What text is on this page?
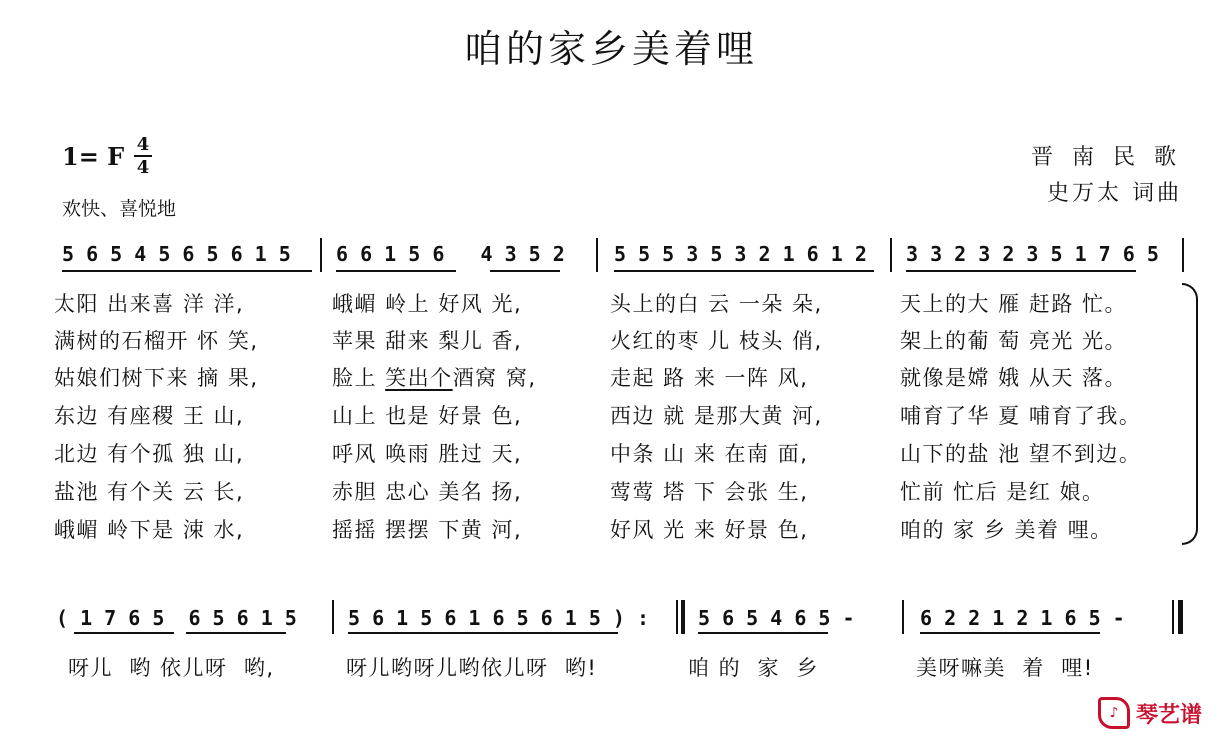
咱的家乡美着哩
1= F 4
4
欢快、喜悦地
晋 南 民 歌
史万太 词曲
5 6 5 4 5 6 5 6 1 5 6 6 1 5 6   4 3 5 2 5 5 5 3 5 3 2 1 6 1 2 3 3 2 3 2 3 5 1 7 6 5
太阳 出来喜 洋 洋,	峨嵋 岭上 好风 光,	头上的白 云 一朵 朵,	天上的大 雁 赶路 忙。
满树的石榴开 怀 笑,	苹果 甜来 梨儿 香,	火红的枣 儿 枝头 俏,	架上的葡 萄 亮光 光。
姑娘们树下来 摘 果,	脸上 笑出个酒窝 窝,	走起 路 来 一阵 风,	就像是嫦 娥 从天 落。
东边 有座稷 王 山,	山上 也是 好景 色,	西边 就 是那大黄 河,	哺育了华 夏 哺育了我。
北边 有个孤 独 山,	呼风 唤雨 胜过 天,	中条 山 来 在南 面,	山下的盐 池 望不到边。
盐池 有个关 云 长,	赤胆 忠心 美名 扬,	莺莺 塔 下 会张 生,	忙前 忙后 是红 娘。
峨嵋 岭下是 涑 水,	摇摇 摆摆 下黄 河,	好风 光 来 好景 色,	咱的 家 乡 美着 哩。
( 1 7 6 5  6 5 6 1 5	5 6 1 5 6 1 6 5 6 1 5 ) : 5 6 5 4 6 5 -	6 2 2 1 2 1 6 5 -
呀儿  哟 依儿呀  哟,	呀儿哟呀儿哟依儿呀  哟!	咱 的  家  乡	美呀嘛美  着  哩!
♪ 琴艺谱
